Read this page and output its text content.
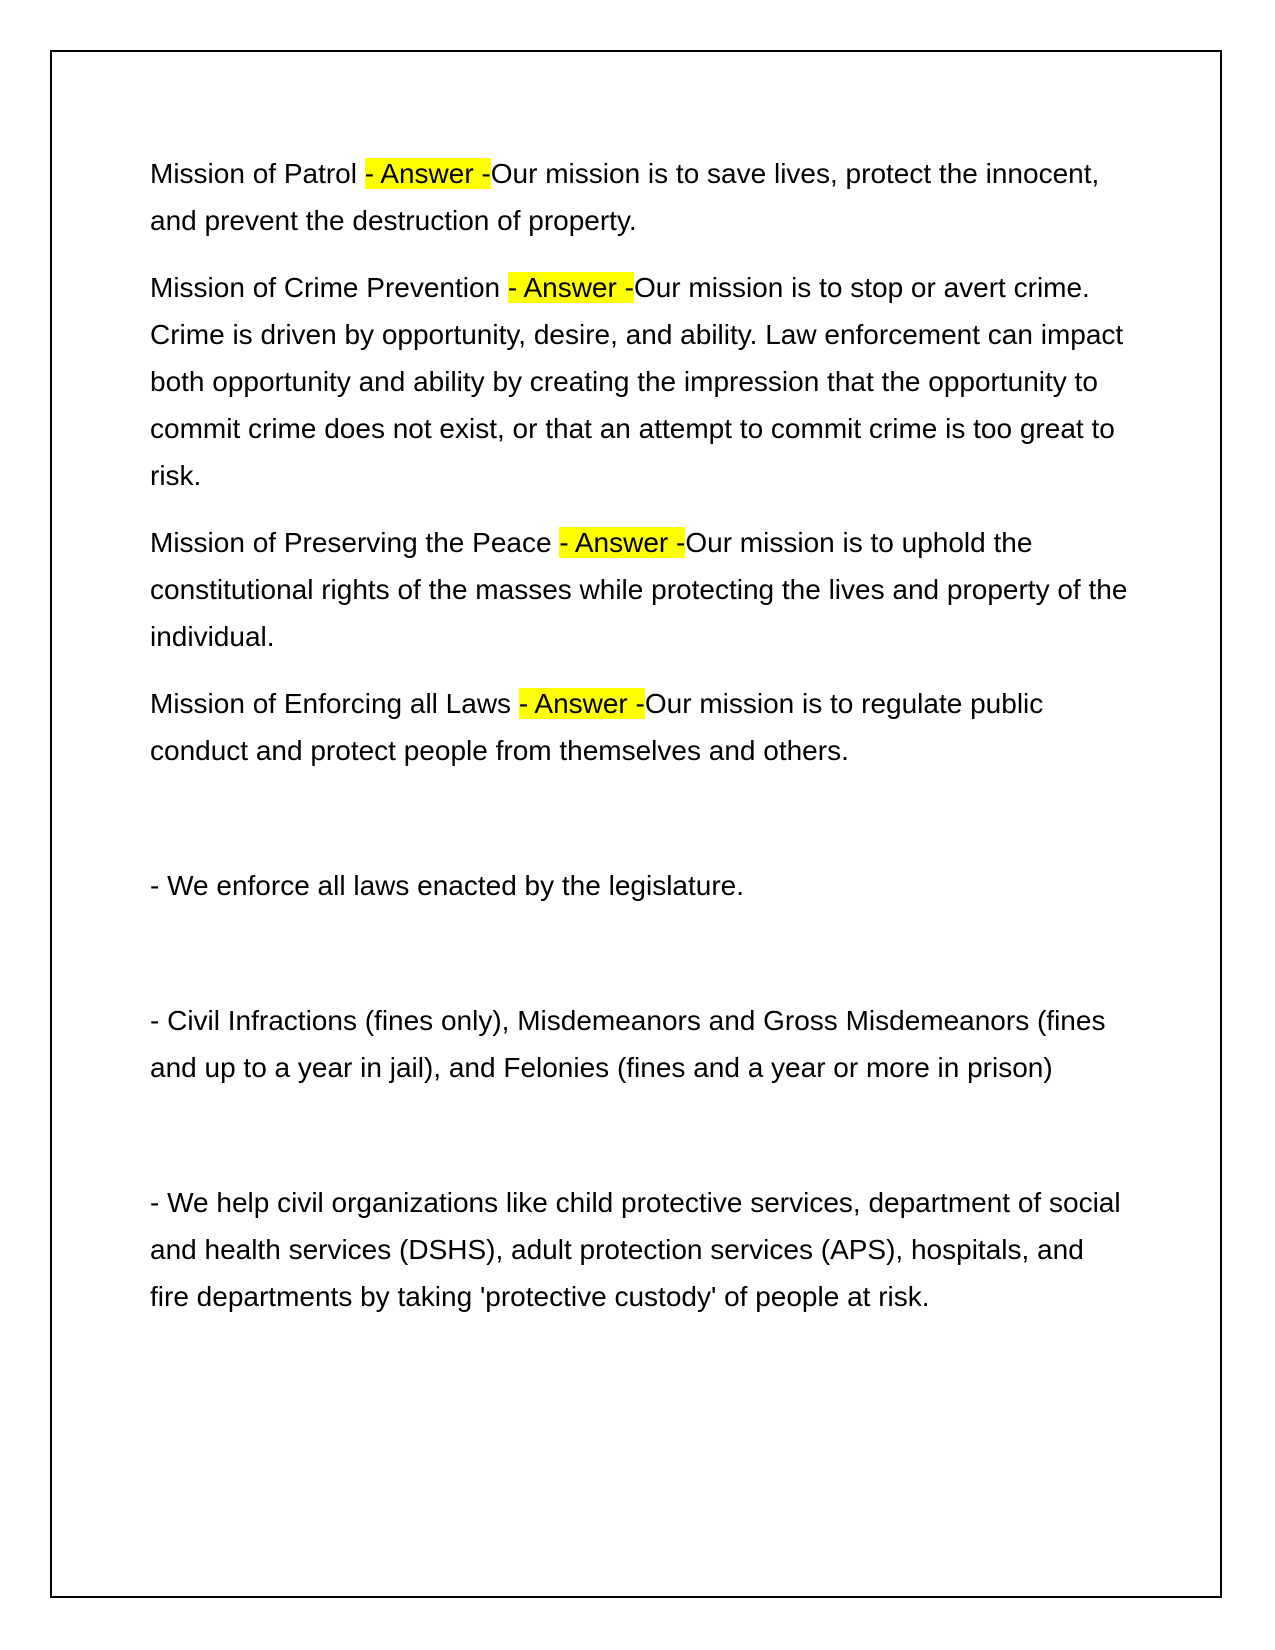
Mission of Patrol - Answer -Our mission is to save lives, protect the innocent, and prevent the destruction of property.

Mission of Crime Prevention - Answer -Our mission is to stop or avert crime. Crime is driven by opportunity, desire, and ability. Law enforcement can impact both opportunity and ability by creating the impression that the opportunity to commit crime does not exist, or that an attempt to commit crime is too great to risk.

Mission of Preserving the Peace - Answer -Our mission is to uphold the constitutional rights of the masses while protecting the lives and property of the individual.

Mission of Enforcing all Laws - Answer -Our mission is to regulate public conduct and protect people from themselves and others.

- We enforce all laws enacted by the legislature.

- Civil Infractions (fines only), Misdemeanors and Gross Misdemeanors (fines and up to a year in jail), and Felonies (fines and a year or more in prison)

- We help civil organizations like child protective services, department of social and health services (DSHS), adult protection services (APS), hospitals, and fire departments by taking 'protective custody' of people at risk.
